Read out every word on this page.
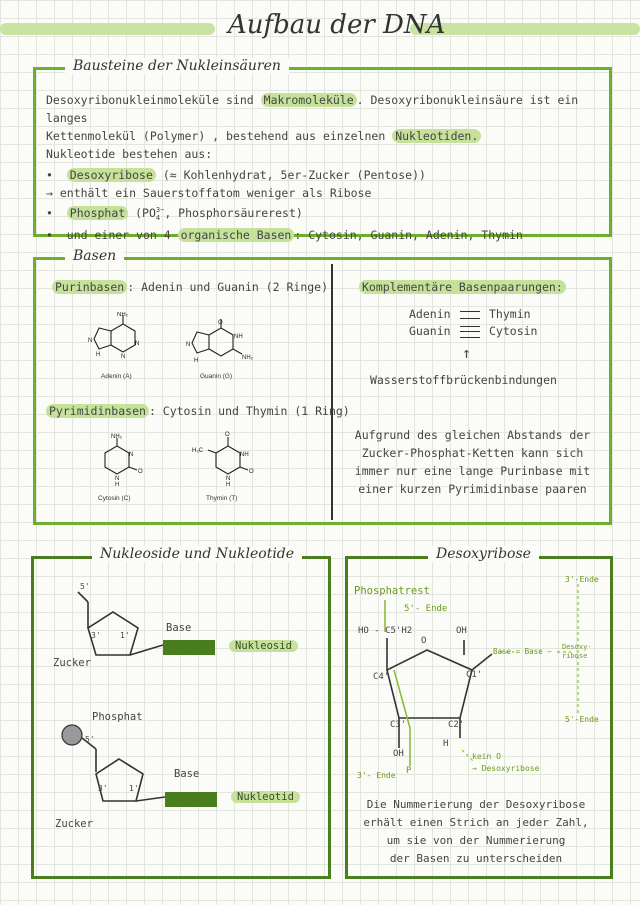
Aufbau der DNA
Bausteine der Nukleinsäuren
Desoxyribonukleinmoleküle sind Makromoleküle . Desoxyribonukleinsäure ist ein langes
Kettenmolekül (Polymer) , bestehend aus einzelnen Nukleotiden.
Nukleotide bestehen aus:
• Desoxyribose (≈ Kohlenhydrat, 5er-Zucker (Pentose))
→ enthält ein Sauerstoffatom weniger als Ribose
• Phosphat (PO 3−
4 , Phosphorsäurerest)
• und einer von 4 organische Basen : Cytosin, Guanin, Adenin, Thymin
Basen
Purinbasen : Adenin und Guanin (2 Ringe)
NH₂
N
N
N
H
Adenin (A)
O
NH
NH₂
N
H
Guanin (G)
Pyrimidinbasen : Cytosin und Thymin (1 Ring)
NH₂
N
O
N
H
Cytosin (C)
O
NH
O
H₃C
N
H
Thymin (T)
Komplementäre Basenpaarungen:
Adenin	Thymin
Guanin	Cytosin
↑
Wasserstoffbrückenbindungen
Aufgrund des gleichen Abstands der
Zucker-Phosphat-Ketten kann sich
immer nur eine lange Purinbase mit
einer kurzen Pyrimidinbase paaren
Nukleoside und Nukleotide
5'
3' 1'
Base
Zucker
Nukleosid
Phosphat
5'
3'	1'
Base
Zucker
Nukleotid
Desoxyribose
Phosphatrest
5'- Ende
HO - C5'H2
O
OH
Base = Base – Desoxy-
ribose
3'-Ende
5'-Ende
C4'	C1'
C3'	C2'
OH
H
P
3'- Ende
kein O
→ Desoxyribose
Die Nummerierung der Desoxyribose
erhält einen Strich an jeder Zahl,
um sie von der Nummerierung
der Basen zu unterscheiden
